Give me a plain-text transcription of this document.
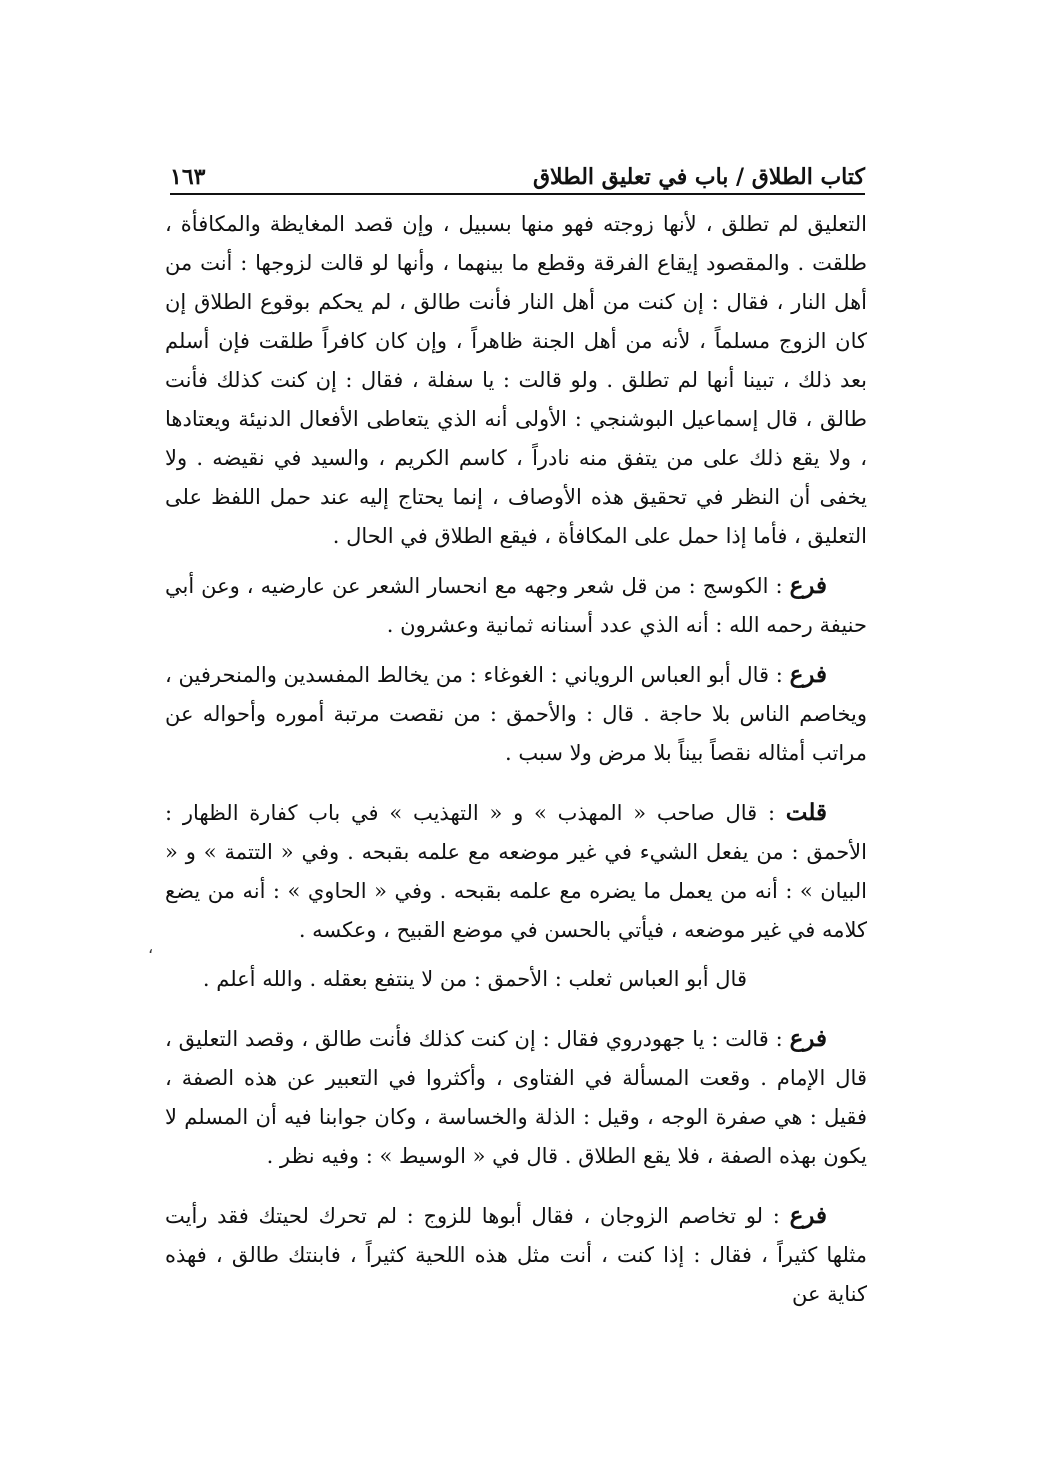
كتاب الطلاق / باب في تعليق الطلاق
١٦٣
،

التعليق لم تطلق ، لأنها زوجته فهو منها بسبيل ، وإن قصد المغايظة والمكافأة ، طلقت . والمقصود إيقاع الفرقة وقطع ما بينهما ، وأنها لو قالت لزوجها : أنت من أهل النار ، فقال : إن كنت من أهل النار فأنت طالق ، لم يحكم بوقوع الطلاق إن كان الزوج مسلماً ، لأنه من أهل الجنة ظاهراً ، وإن كان كافراً طلقت فإن أسلم بعد ذلك ، تبينا أنها لم تطلق . ولو قالت : يا سفلة ، فقال : إن كنت كذلك فأنت طالق ، قال إسماعيل البوشنجي : الأولى أنه الذي يتعاطى الأفعال الدنيئة ويعتادها ، ولا يقع ذلك على من يتفق منه نادراً ، كاسم الكريم ، والسيد في نقيضه . ولا يخفى أن النظر في تحقيق هذه الأوصاف ، إنما يحتاج إليه عند حمل اللفظ على التعليق ، فأما إذا حمل على المكافأة ، فيقع الطلاق في الحال .

فرع : الكوسج : من قل شعر وجهه مع انحسار الشعر عن عارضيه ، وعن أبي حنيفة رحمه الله : أنه الذي عدد أسنانه ثمانية وعشرون .

فرع : قال أبو العباس الروياني : الغوغاء : من يخالط المفسدين والمنحرفين ، ويخاصم الناس بلا حاجة . قال : والأحمق : من نقصت مرتبة أموره وأحواله عن مراتب أمثاله نقصاً بيناً بلا مرض ولا سبب .

قلت : قال صاحب « المهذب » و « التهذيب » في باب كفارة الظهار : الأحمق : من يفعل الشيء في غير موضعه مع علمه بقبحه . وفي « التتمة » و « البيان » : أنه من يعمل ما يضره مع علمه بقبحه . وفي « الحاوي » : أنه من يضع كلامه في غير موضعه ، فيأتي بالحسن في موضع القبيح ، وعكسه .

قال أبو العباس ثعلب : الأحمق : من لا ينتفع بعقله . والله أعلم .

فرع : قالت : يا جهودروي فقال : إن كنت كذلك فأنت طالق ، وقصد التعليق ، قال الإمام . وقعت المسألة في الفتاوى ، وأكثروا في التعبير عن هذه الصفة ، فقيل : هي صفرة الوجه ، وقيل : الذلة والخساسة ، وكان جوابنا فيه أن المسلم لا يكون بهذه الصفة ، فلا يقع الطلاق . قال في « الوسيط » : وفيه نظر .

فرع : لو تخاصم الزوجان ، فقال أبوها للزوج : لم تحرك لحيتك فقد رأيت مثلها كثيراً ، فقال : إذا كنت ، أنت مثل هذه اللحية كثيراً ، فابنتك طالق ، فهذه كناية عن
